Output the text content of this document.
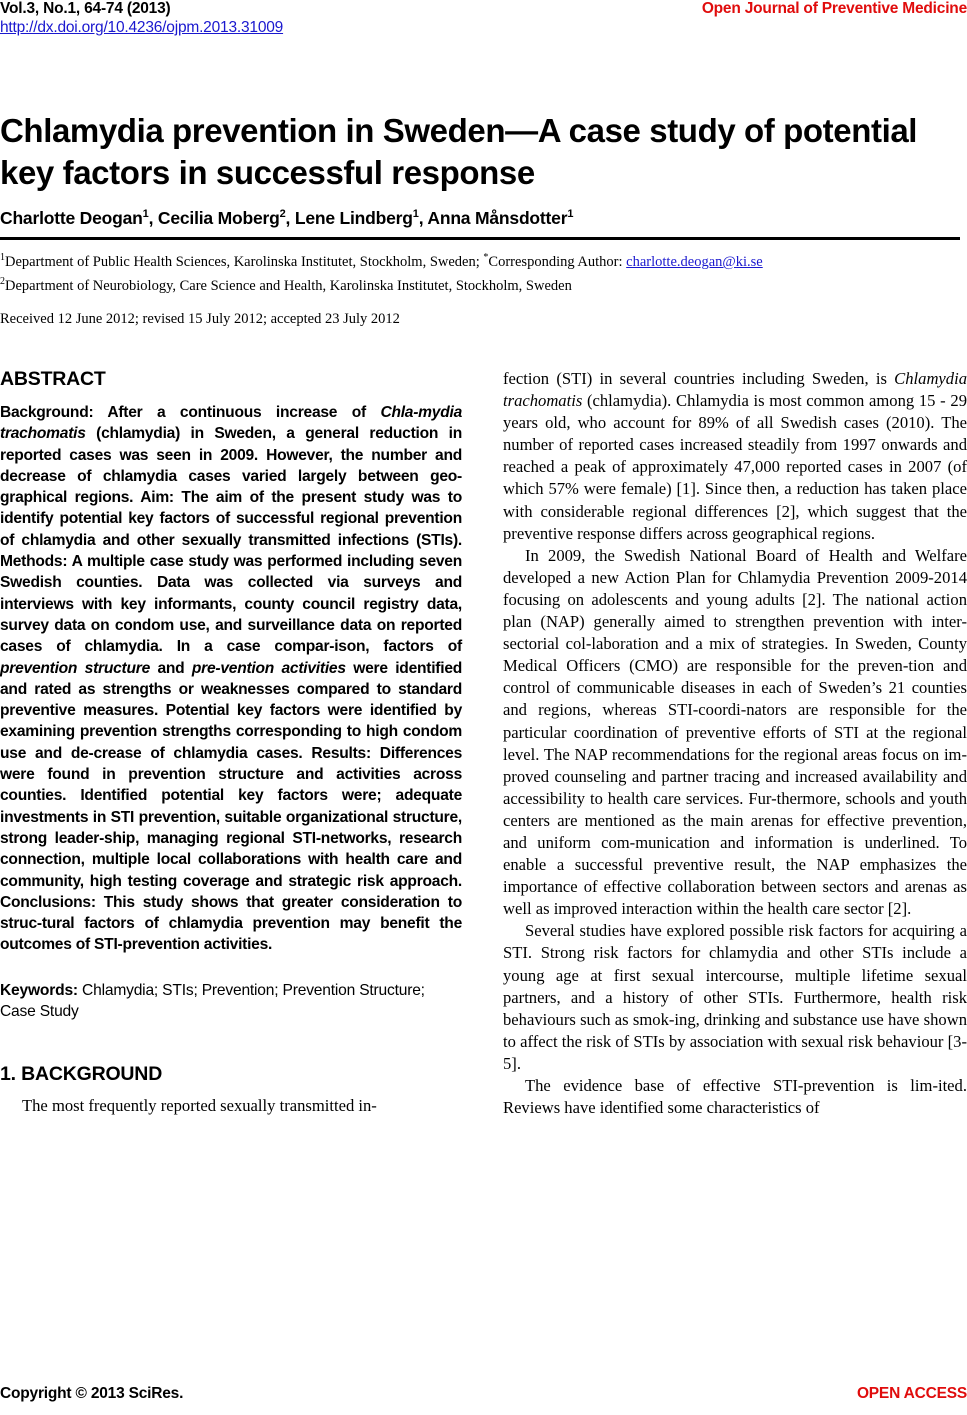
Vol.3, No.1, 64-74 (2013)	Open Journal of Preventive Medicine
http://dx.doi.org/10.4236/ojpm.2013.31009
Chlamydia prevention in Sweden—A case study of potential key factors in successful response
Charlotte Deogan$^1$, Cecilia Moberg$^2$, Lene Lindberg$^1$, Anna Månsdotter$^1$
$^1$Department of Public Health Sciences, Karolinska Institutet, Stockholm, Sweden; *Corresponding Author: charlotte.deogan@ki.se
$^2$Department of Neurobiology, Care Science and Health, Karolinska Institutet, Stockholm, Sweden
Received 12 June 2012; revised 15 July 2012; accepted 23 July 2012
ABSTRACT

Background: After a continuous increase of Chla-mydia trachomatis (chlamydia) in Sweden, a general reduction in reported cases was seen in 2009. However, the number and decrease of chlamydia cases varied largely between geo-graphical regions. Aim: The aim of the present study was to identify potential key factors of successful regional prevention of chlamydia and other sexually transmitted infections (STIs). Methods: A multiple case study was performed including seven Swedish counties. Data was collected via surveys and interviews with key informants, county council registry data, survey data on condom use, and surveillance data on reported cases of chlamydia. In a case compar-ison, factors of prevention structure and pre-vention activities were identified and rated as strengths or weaknesses compared to standard preventive measures. Potential key factors were identified by examining prevention strengths corresponding to high condom use and de-crease of chlamydia cases. Results: Differences were found in prevention structure and activities across counties. Identified potential key factors were; adequate investments in STI prevention, suitable organizational structure, strong leader-ship, managing regional STI-networks, research connection, multiple local collaborations with health care and community, high testing coverage and strategic risk approach. Conclusions: This study shows that greater consideration to struc-tural factors of chlamydia prevention may benefit the outcomes of STI-prevention activities.

Keywords: Chlamydia; STIs; Prevention; Prevention Structure; Case Study

1. BACKGROUND

The most frequently reported sexually transmitted in-

fection (STI) in several countries including Sweden, is Chlamydia trachomatis (chlamydia). Chlamydia is most common among 15 - 29 years old, who account for 89% of all Swedish cases (2010). The number of reported cases increased steadily from 1997 onwards and reached a peak of approximately 47,000 reported cases in 2007 (of which 57% were female) [1]. Since then, a reduction has taken place with considerable regional differences [2], which suggest that the preventive response differs across geographical regions.

In 2009, the Swedish National Board of Health and Welfare developed a new Action Plan for Chlamydia Prevention 2009-2014 focusing on adolescents and young adults [2]. The national action plan (NAP) generally aimed to strengthen prevention with inter-sectorial col-laboration and a mix of strategies. In Sweden, County Medical Officers (CMO) are responsible for the preven-tion and control of communicable diseases in each of Sweden’s 21 counties and regions, whereas STI-coordi-nators are responsible for the particular coordination of preventive efforts of STI at the regional level. The NAP recommendations for the regional areas focus on im-proved counseling and partner tracing and increased availability and accessibility to health care services. Fur-thermore, schools and youth centers are mentioned as the main arenas for effective prevention, and uniform com-munication and information is underlined. To enable a successful preventive result, the NAP emphasizes the importance of effective collaboration between sectors and arenas as well as improved interaction within the health care sector [2].

Several studies have explored possible risk factors for acquiring a STI. Strong risk factors for chlamydia and other STIs include a young age at first sexual intercourse, multiple lifetime sexual partners, and a history of other STIs. Furthermore, health risk behaviours such as smok-ing, drinking and substance use have shown to affect the risk of STIs by association with sexual risk behaviour [3-5].

The evidence base of effective STI-prevention is lim-ited. Reviews have identified some characteristics of

Copyright © 2013 SciRes.	OPEN ACCESS
